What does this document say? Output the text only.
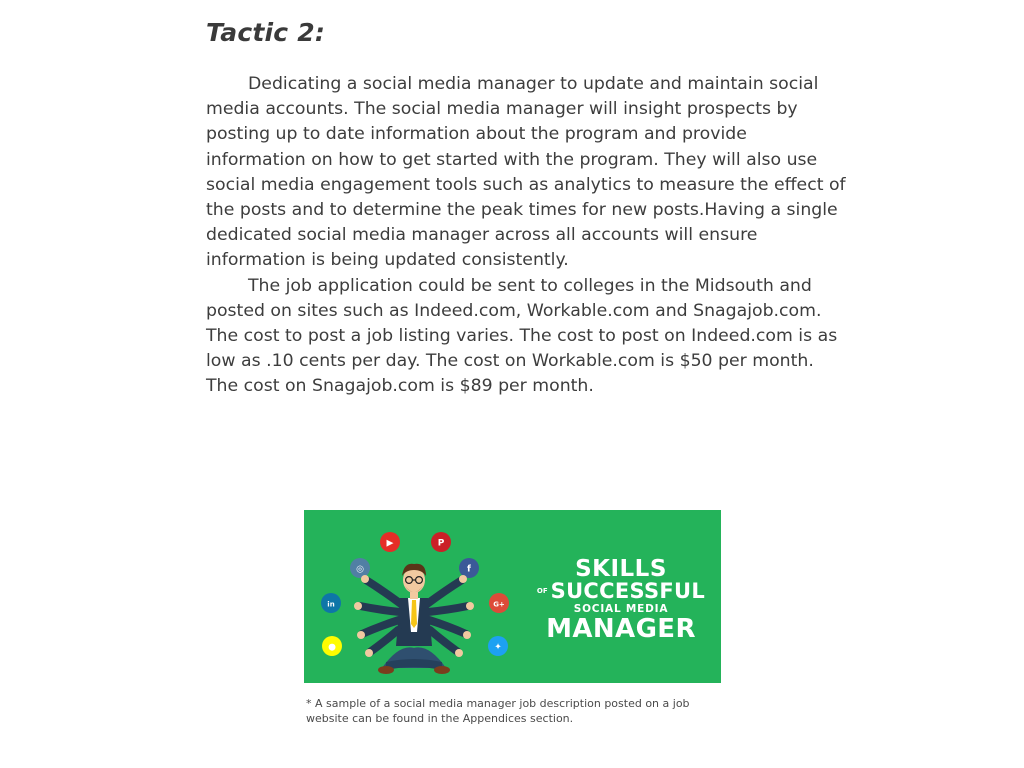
Tactic 2:

Dedicating a social media manager to update and maintain social media accounts. The social media manager will insight prospects by posting up to date information about the program and provide information on how to get started with the program. They will also use social media engagement tools such as analytics to measure the effect of the posts and to determine the peak times for new posts.Having a single dedicated social media manager across all accounts will ensure information is being updated consistently.

The job application could be sent to colleges in the Midsouth and posted on sites such as Indeed.com, Workable.com and Snagajob.com. The cost to post a job listing varies. The cost to post on Indeed.com is as low as .10 cents per day. The cost on Workable.com is $50 per month. The cost on Snagajob.com is $89 per month.

▶	P
◎	f
in	G+
●	✦
SKILLS
OF SUCCESSFUL
SOCIAL MEDIA
MANAGER
* A sample of a social media manager job description posted on a job website can be found in the Appendices section.
